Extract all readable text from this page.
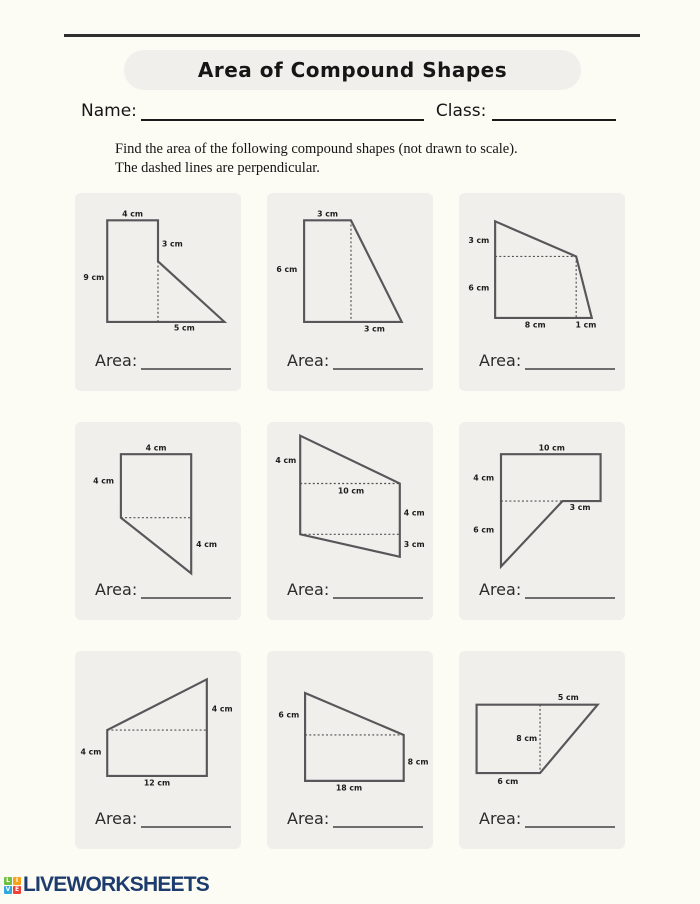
Area of Compound Shapes
Name:	Class:
Find the area of the following compound shapes (not drawn to scale).
The dashed lines are perpendicular.
4 cm
3 cm
9 cm
5 cm
Area:
3 cm
6 cm
3 cm
Area:
3 cm
6 cm
8 cm	1 cm
Area:
4 cm
4 cm
4 cm
Area:
4 cm
10 cm
4 cm
3 cm
Area:
10 cm
4 cm
6 cm
3 cm
Area:
4 cm
4 cm
12 cm
Area:
6 cm
8 cm
18 cm
Area:
5 cm
8 cm
6 cm
Area:
L I
V E LIVEWORKSHEETS
